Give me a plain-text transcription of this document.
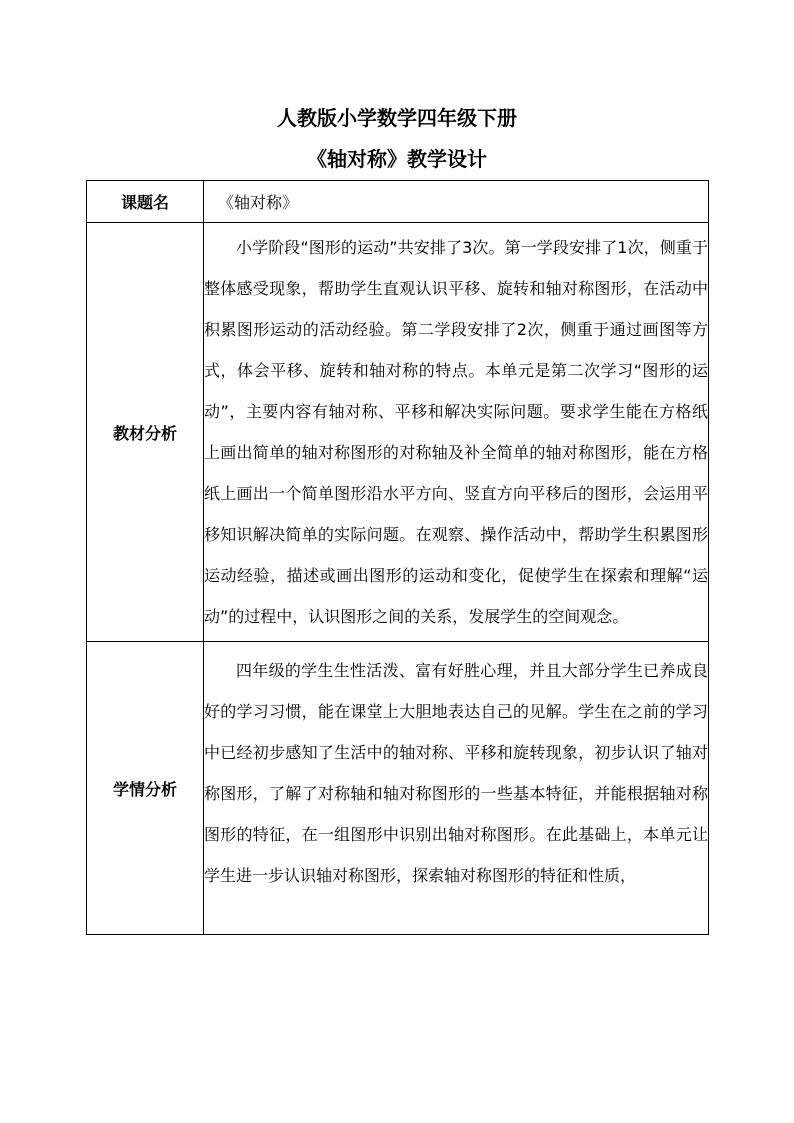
人教版小学数学四年级下册
《轴对称》教学设计
课题名	《轴对称》
教材分析	小学阶段“图形的运动”共安排了3次。第一学段安排了1次，侧重于整体感受现象，帮助学生直观认识平移、旋转和轴对称图形，在活动中积累图形运动的活动经验。第二学段安排了2次，侧重于通过画图等方式，体会平移、旋转和轴对称的特点。本单元是第二次学习“图形的运动”，主要内容有轴对称、平移和解决实际问题。要求学生能在方格纸上画出简单的轴对称图形的对称轴及补全简单的轴对称图形，能在方格纸上画出一个简单图形沿水平方向、竖直方向平移后的图形，会运用平移知识解决简单的实际问题。在观察、操作活动中，帮助学生积累图形运动经验，描述或画出图形的运动和变化，促使学生在探索和理解“运动”的过程中，认识图形之间的关系，发展学生的空间观念。

学情分析	四年级的学生生性活泼、富有好胜心理，并且大部分学生已养成良好的学习习惯，能在课堂上大胆地表达自己的见解。学生在之前的学习中已经初步感知了生活中的轴对称、平移和旋转现象，初步认识了轴对称图形，了解了对称轴和轴对称图形的一些基本特征，并能根据轴对称图形的特征，在一组图形中识别出轴对称图形。在此基础上，本单元让学生进一步认识轴对称图形，探索轴对称图形的特征和性质，
